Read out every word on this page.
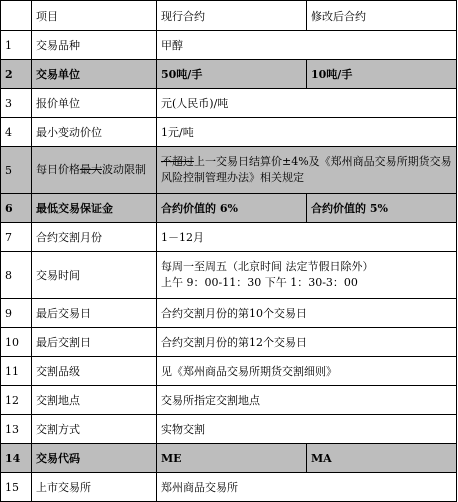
	项目	现行合约	修改后合约
1	交易品种	甲醇	
2	交易单位	50吨/手	10吨/手
3	报价单位	元(人民币)/吨	
4	最小变动价位	1元/吨	
5	每日价格最大波动限制	不超过上一交易日结算价±4%及《郑州商品交易所期货交易风险控制管理办法》相关规定	
6	最低交易保证金	合约价值的 6%	合约价值的 5%
7	合约交割月份	1－12月	
8	交易时间	每周一至周五（北京时间 法定节假日除外）
上午 9：00-11：30 下午 1：30-3：00	

9	最后交易日	合约交割月份的第10个交易日	
10	最后交割日	合约交割月份的第12个交易日	
11	交割品级	见《郑州商品交易所期货交割细则》	
12	交割地点	交易所指定交割地点	
13	交割方式	实物交割	
14	交易代码	ME	MA
15	上市交易所	郑州商品交易所	
